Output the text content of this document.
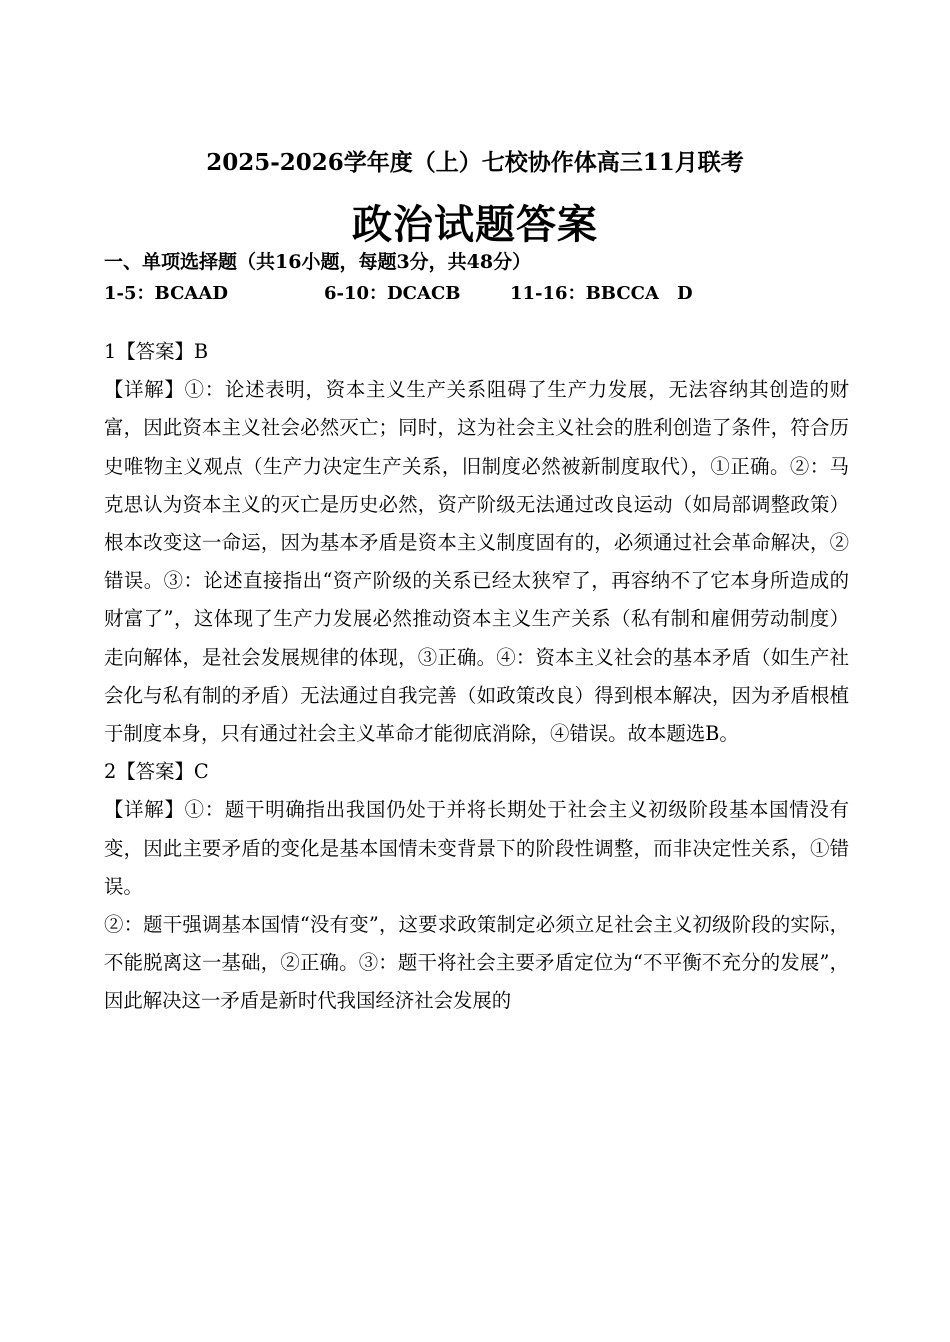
2025-2026学年度（上）七校协作体高三11月联考
政治试题答案
一、单项选择题（共16小题，每题3分，共48分）
1-5：BCAAD	6-10：DCACB	11-16：BBCCA　D

1【答案】B

【详解】①：论述表明，资本主义生产关系阻碍了生产力发展，无法容纳其创造的财富，因此资本主义社会必然灭亡；同时，这为社会主义社会的胜利创造了条件，符合历史唯物主义观点（生产力决定生产关系，旧制度必然被新制度取代），①正确。②：马克思认为资本主义的灭亡是历史必然，资产阶级无法通过改良运动（如局部调整政策）根本改变这一命运，因为基本矛盾是资本主义制度固有的，必须通过社会革命解决，②错误。③：论述直接指出“资产阶级的关系已经太狭窄了，再容纳不了它本身所造成的财富了”，这体现了生产力发展必然推动资本主义生产关系（私有制和雇佣劳动制度）走向解体，是社会发展规律的体现，③正确。④：资本主义社会的基本矛盾（如生产社会化与私有制的矛盾）无法通过自我完善（如政策改良）得到根本解决，因为矛盾根植于制度本身，只有通过社会主义革命才能彻底消除，④错误。故本题选B。

2【答案】C

【详解】①：题干明确指出我国仍处于并将长期处于社会主义初级阶段基本国情没有变，因此主要矛盾的变化是基本国情未变背景下的阶段性调整，而非决定性关系，①错误。

②：题干强调基本国情“没有变”，这要求政策制定必须立足社会主义初级阶段的实际，不能脱离这一基础，②正确。③：题干将社会主要矛盾定位为“不平衡不充分的发展”，因此解决这一矛盾是新时代我国经济社会发展的
